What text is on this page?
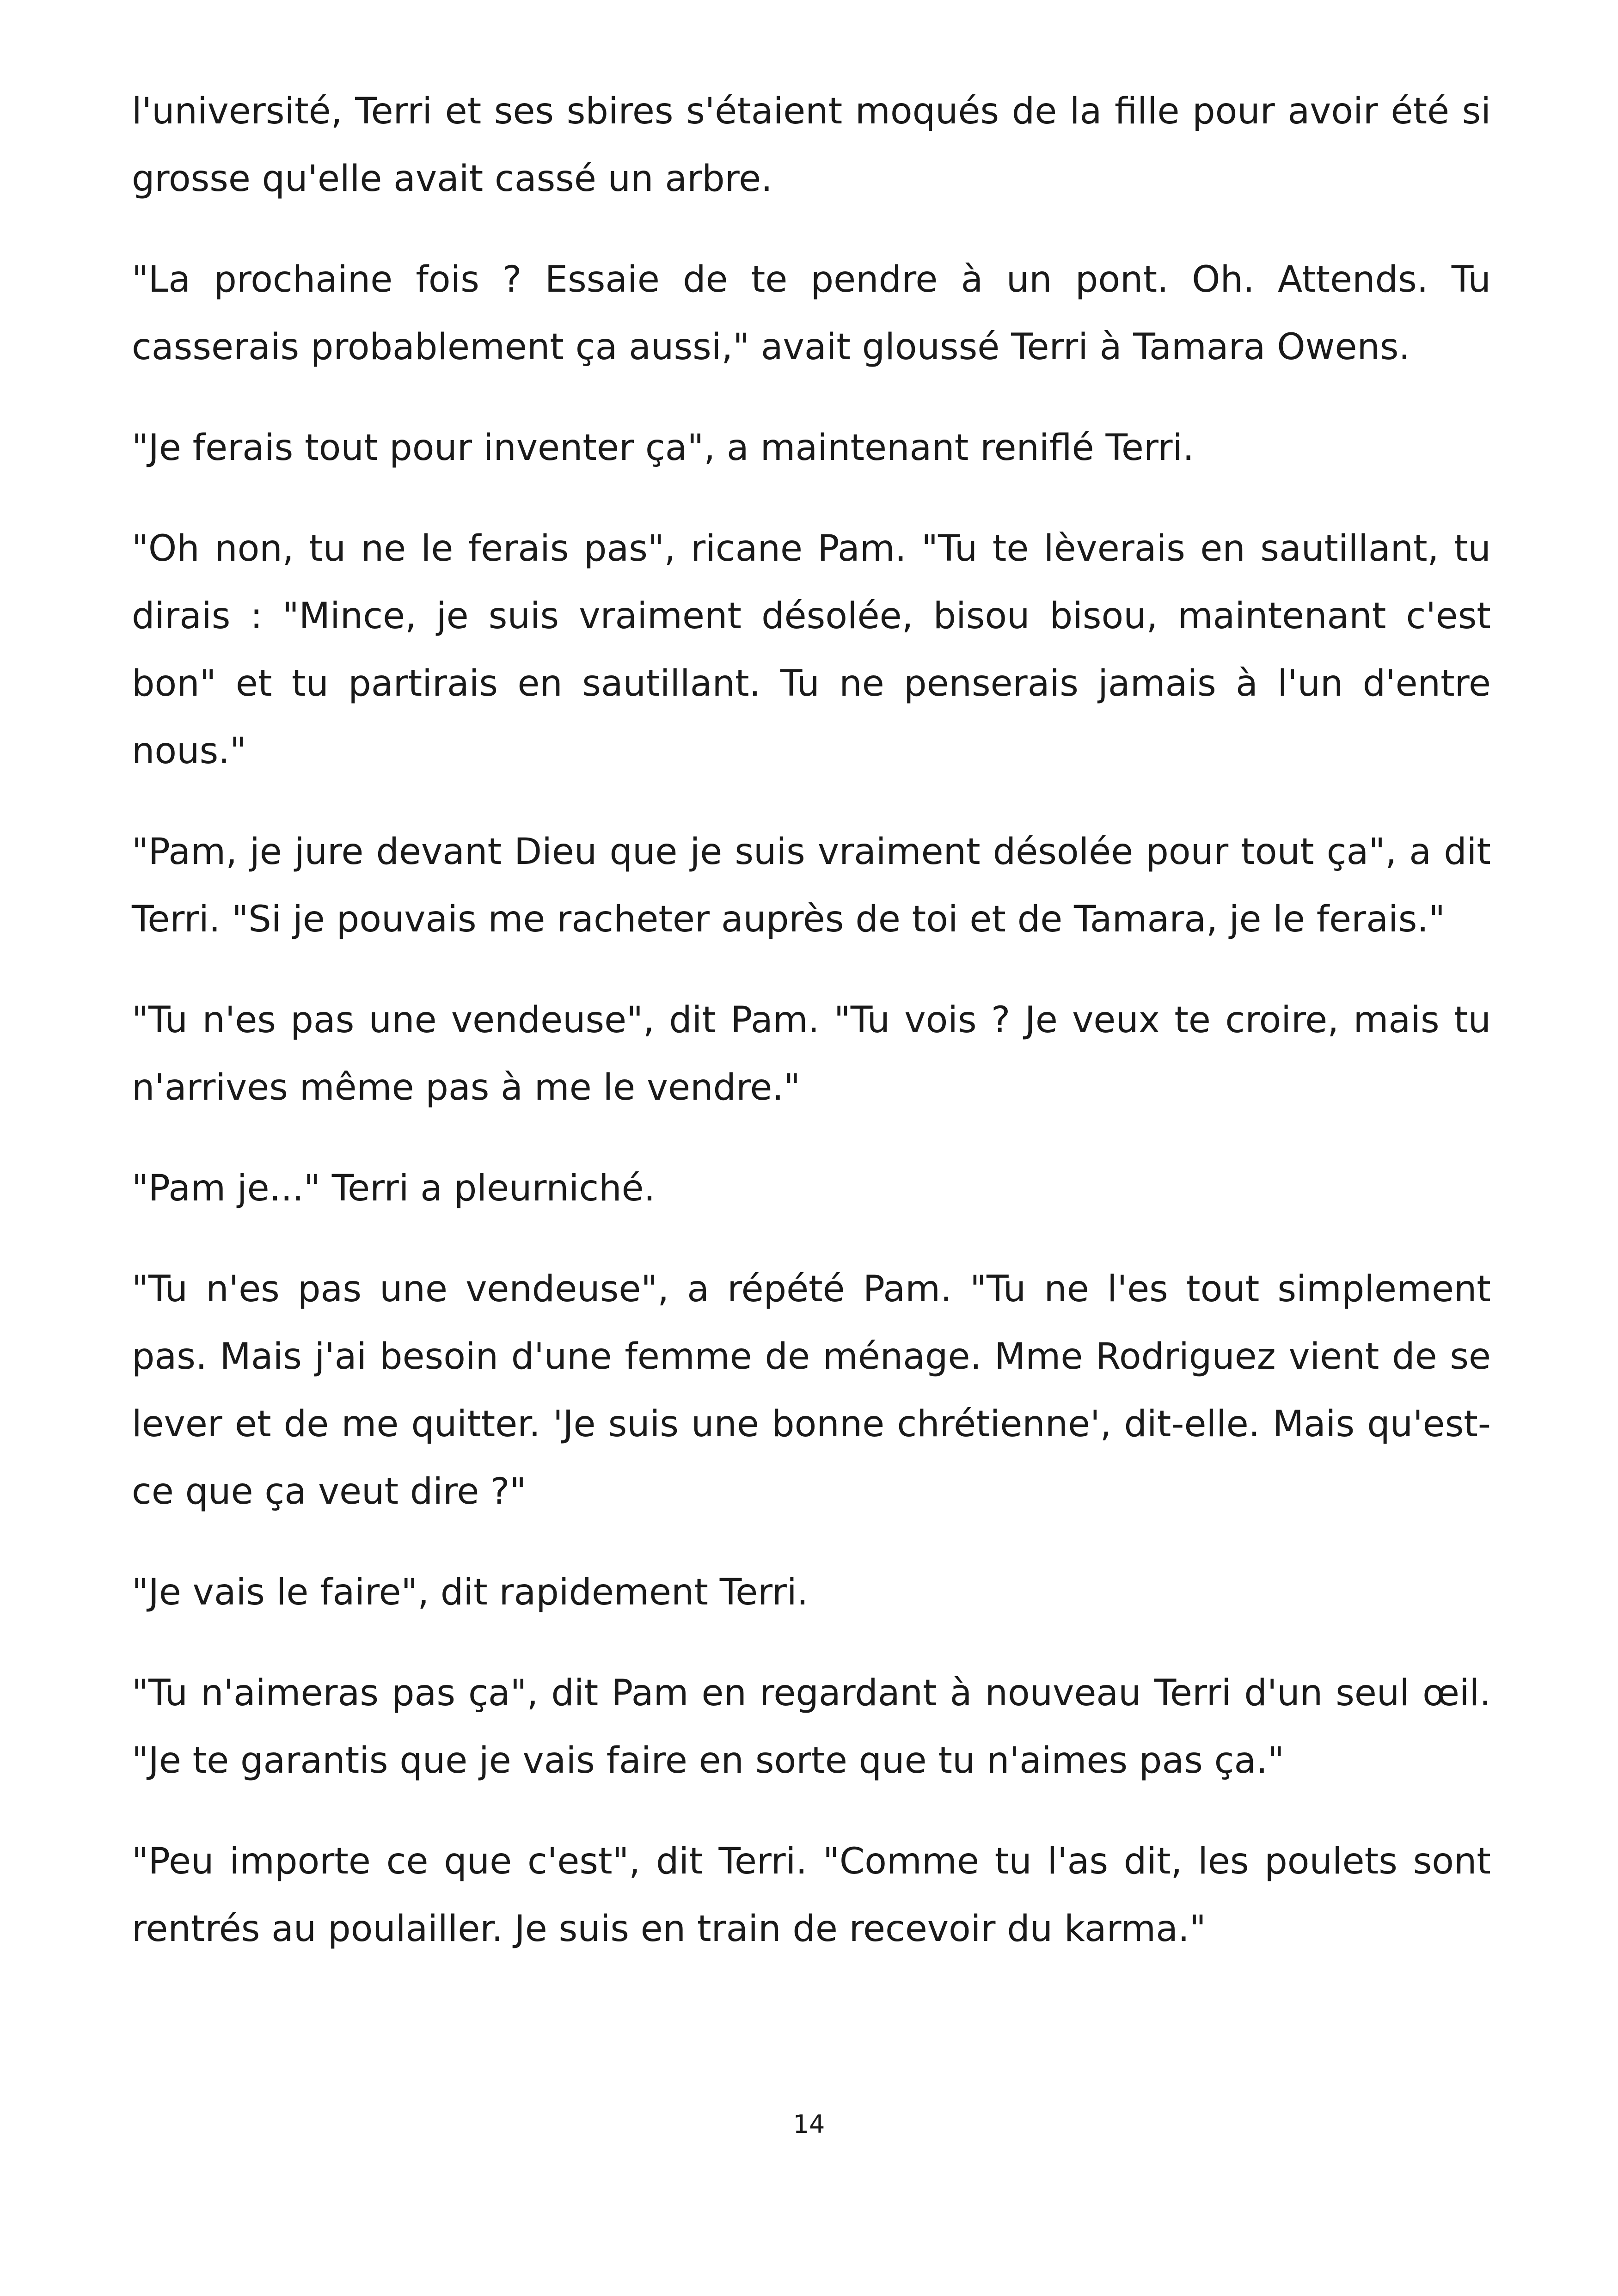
l'université, Terri et ses sbires s'étaient moqués de la fille pour avoir été si grosse qu'elle avait cassé un arbre.

"La prochaine fois ? Essaie de te pendre à un pont. Oh. Attends. Tu casserais probablement ça aussi," avait gloussé Terri à Tamara Owens.

"Je ferais tout pour inventer ça", a maintenant reniflé Terri.

"Oh non, tu ne le ferais pas", ricane Pam. "Tu te lèverais en sautillant, tu dirais : "Mince, je suis vraiment désolée, bisou bisou, maintenant c'est bon" et tu partirais en sautillant. Tu ne penserais jamais à l'un d'entre nous."

"Pam, je jure devant Dieu que je suis vraiment désolée pour tout ça", a dit Terri. "Si je pouvais me racheter auprès de toi et de Tamara, je le ferais."

"Tu n'es pas une vendeuse", dit Pam. "Tu vois ? Je veux te croire, mais tu n'arrives même pas à me le vendre."

"Pam je..." Terri a pleurniché.

"Tu n'es pas une vendeuse", a répété Pam. "Tu ne l'es tout simplement pas. Mais j'ai besoin d'une femme de ménage. Mme Rodriguez vient de se lever et de me quitter. 'Je suis une bonne chrétienne', dit-elle. Mais qu'est-ce que ça veut dire ?"

"Je vais le faire", dit rapidement Terri.

"Tu n'aimeras pas ça", dit Pam en regardant à nouveau Terri d'un seul œil. "Je te garantis que je vais faire en sorte que tu n'aimes pas ça."

"Peu importe ce que c'est", dit Terri. "Comme tu l'as dit, les poulets sont rentrés au poulailler. Je suis en train de recevoir du karma."

14
